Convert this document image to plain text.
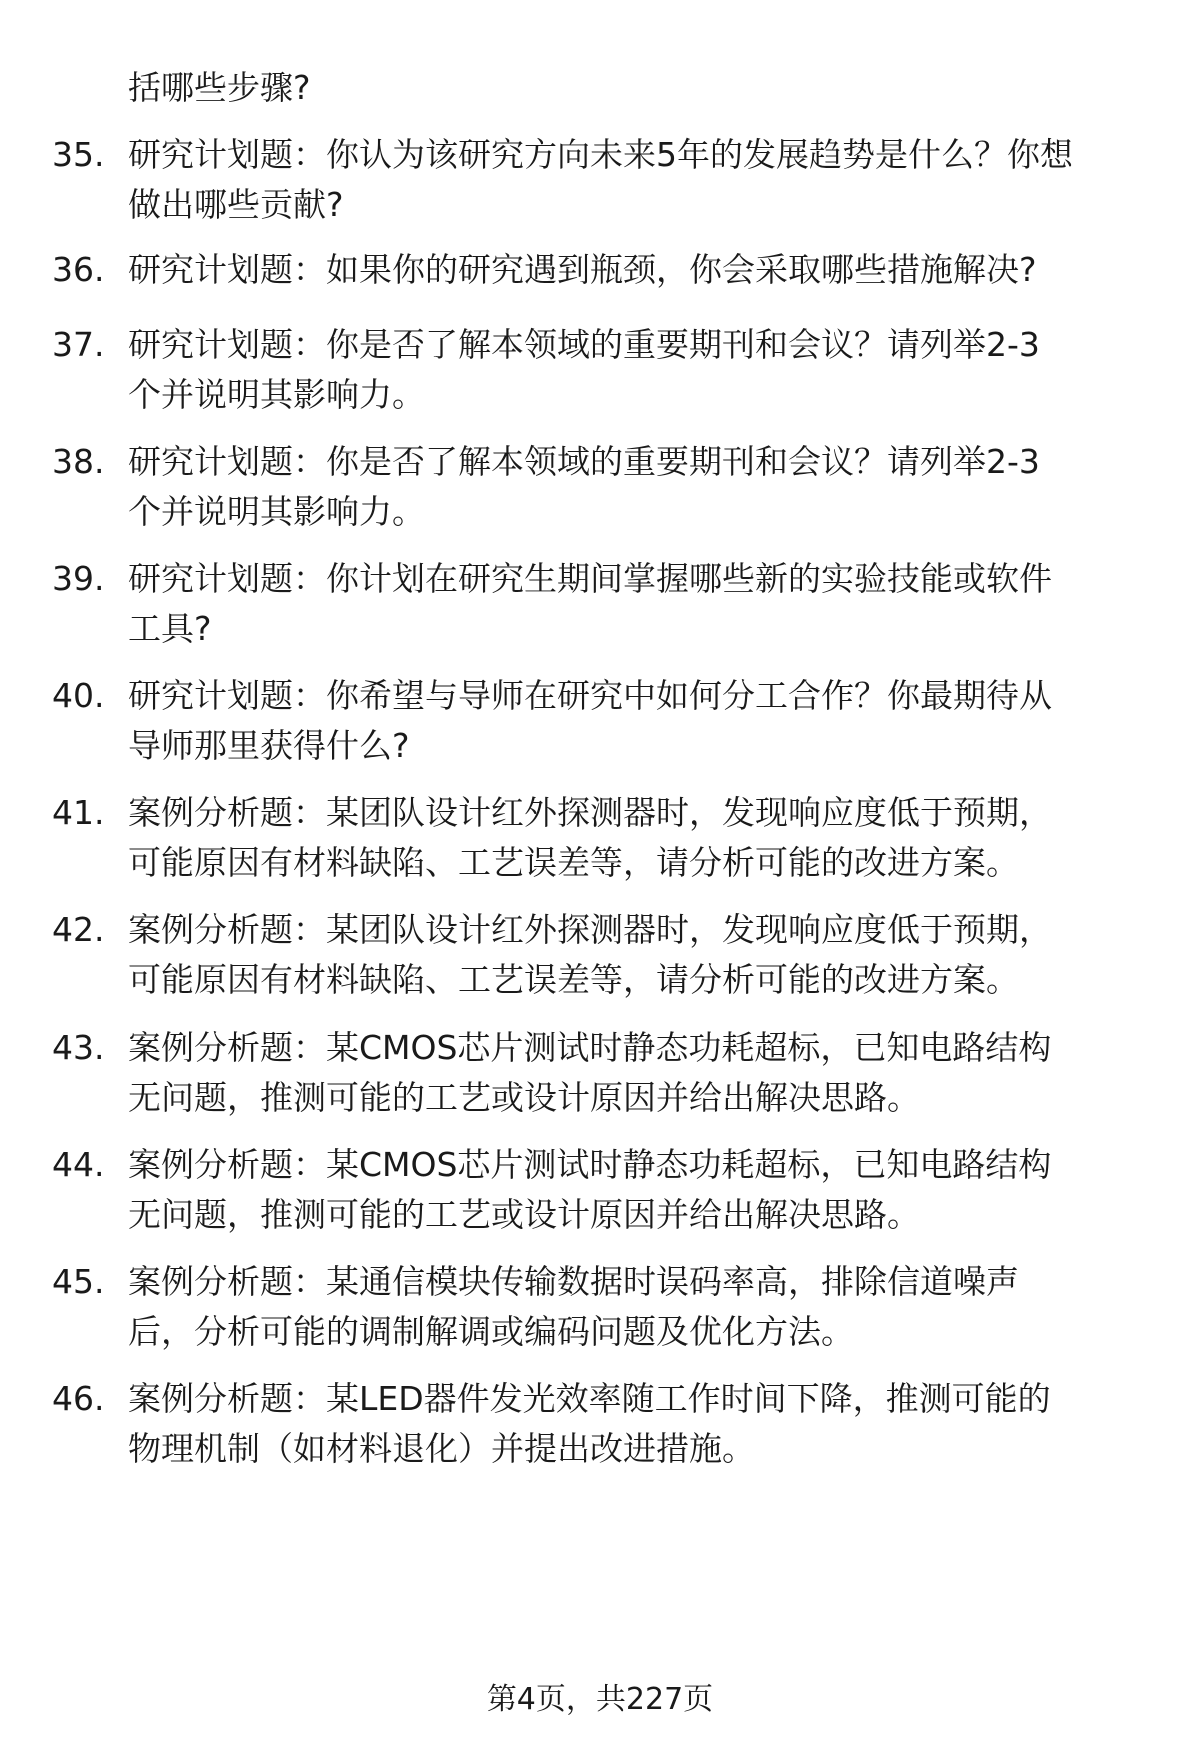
括哪些步骤?
35. 研究计划题：你认为该研究方向未来5年的发展趋势是什么？你想
做出哪些贡献?
36. 研究计划题：如果你的研究遇到瓶颈，你会采取哪些措施解决?
37. 研究计划题：你是否了解本领域的重要期刊和会议？请列举2-3
个并说明其影响力。
38. 研究计划题：你是否了解本领域的重要期刊和会议？请列举2-3
个并说明其影响力。
39. 研究计划题：你计划在研究生期间掌握哪些新的实验技能或软件
工具?
40. 研究计划题：你希望与导师在研究中如何分工合作？你最期待从
导师那里获得什么?
41. 案例分析题：某团队设计红外探测器时，发现响应度低于预期，
可能原因有材料缺陷、工艺误差等，请分析可能的改进方案。
42. 案例分析题：某团队设计红外探测器时，发现响应度低于预期，
可能原因有材料缺陷、工艺误差等，请分析可能的改进方案。
43. 案例分析题：某CMOS芯片测试时静态功耗超标，已知电路结构
无问题，推测可能的工艺或设计原因并给出解决思路。
44. 案例分析题：某CMOS芯片测试时静态功耗超标，已知电路结构
无问题，推测可能的工艺或设计原因并给出解决思路。
45. 案例分析题：某通信模块传输数据时误码率高，排除信道噪声
后，分析可能的调制解调或编码问题及优化方法。
46. 案例分析题：某LED器件发光效率随工作时间下降，推测可能的
物理机制（如材料退化）并提出改进措施。
第4页，共227页
